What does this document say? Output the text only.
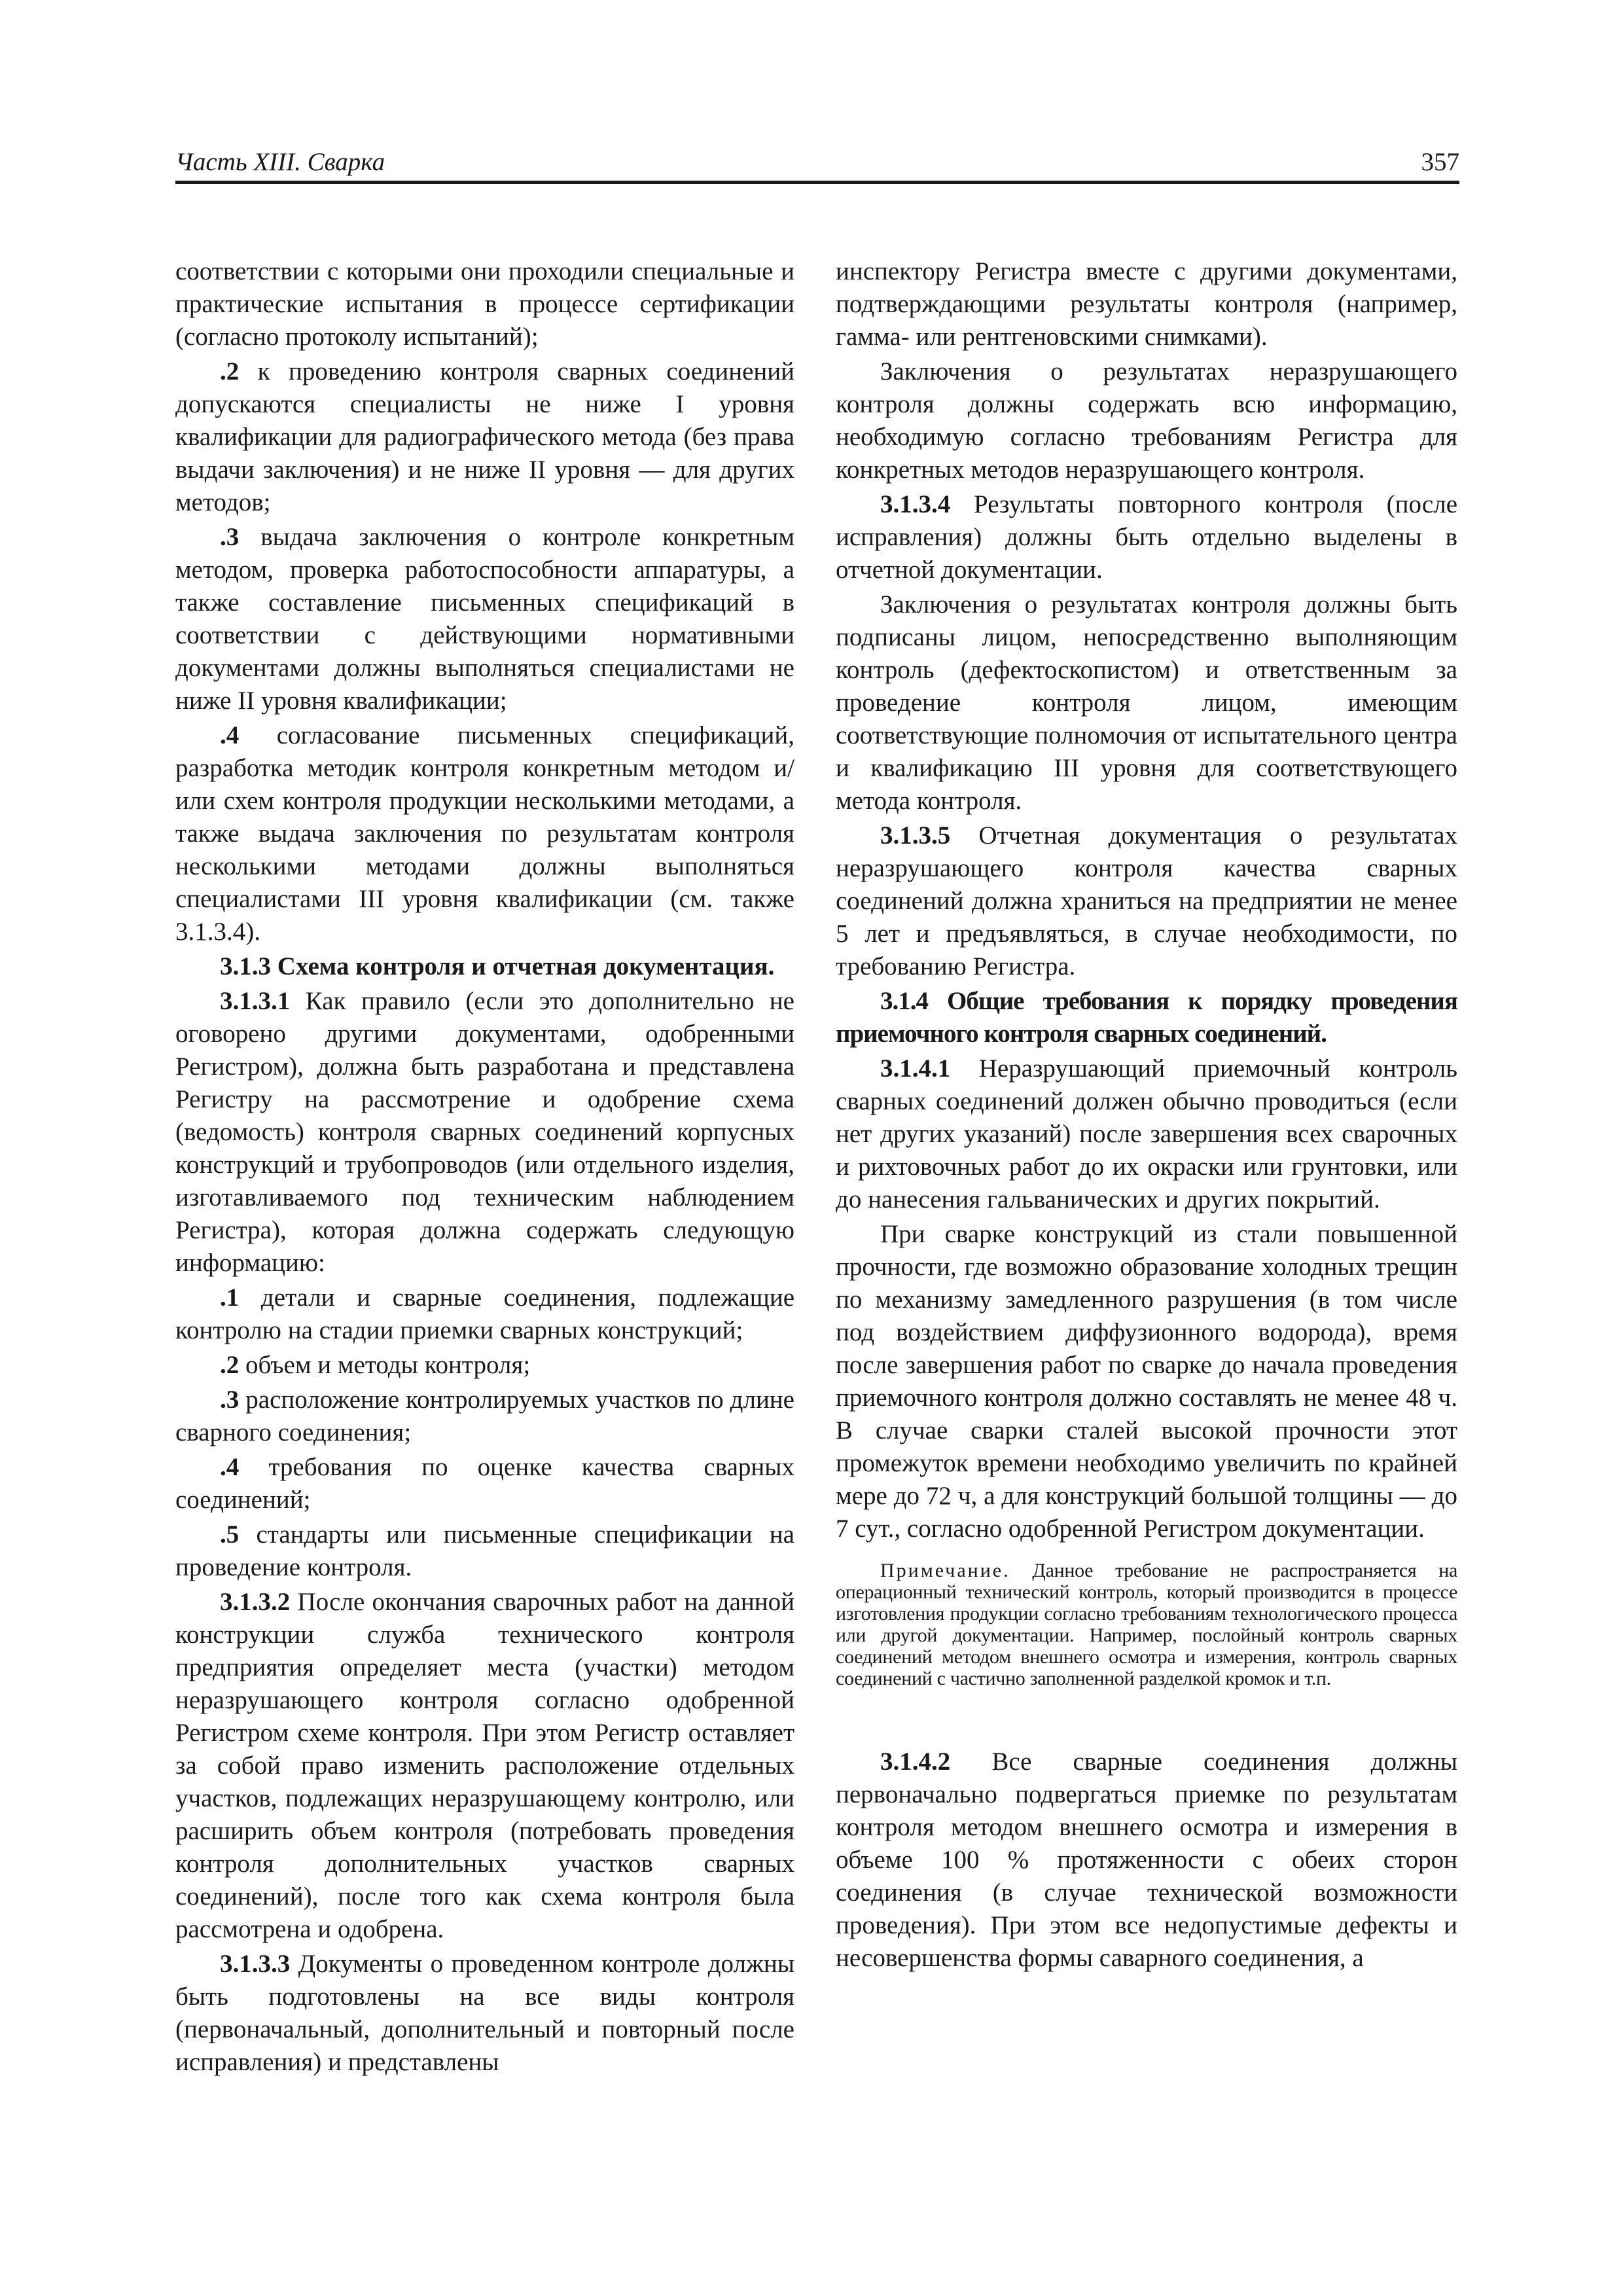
Часть XIII. Сварка	357

соответствии с которыми они проходили специальные и практические испытания в процессе сертификации (согласно протоколу испытаний);

.2 к проведению контроля сварных соединений допускаются специалисты не ниже I уровня квалификации для радиографического метода (без права выдачи заключения) и не ниже II уровня — для других методов;

.3 выдача заключения о контроле конкретным методом, проверка работоспособности аппаратуры, а также составление письменных спецификаций в соответствии с действующими нормативными документами должны выполняться специалистами не ниже II уровня квалификации;

.4 согласование письменных спецификаций, разработка методик контроля конкретным методом и/или схем контроля продукции несколькими методами, а также выдача заключения по результатам контроля несколькими методами должны выполняться специалистами III уровня квалификации (см. также 3.1.3.4).

3.1.3 Схема контроля и отчетная документация.

3.1.3.1 Как правило (если это дополнительно не оговорено другими документами, одобренными Регистром), должна быть разработана и представлена Регистру на рассмотрение и одобрение схема (ведомость) контроля сварных соединений корпусных конструкций и трубопроводов (или отдельного изделия, изготавливаемого под техническим наблюдением Регистра), которая должна содержать следующую информацию:

.1 детали и сварные соединения, подлежащие контролю на стадии приемки сварных конструкций;

.2 объем и методы контроля;

.3 расположение контролируемых участков по длине сварного соединения;

.4 требования по оценке качества сварных соединений;

.5 стандарты или письменные спецификации на проведение контроля.

3.1.3.2 После окончания сварочных работ на данной конструкции служба технического контроля предприятия определяет места (участки) методом неразрушающего контроля согласно одобренной Регистром схеме контроля. При этом Регистр оставляет за собой право изменить расположение отдельных участков, подлежащих неразрушающему контролю, или расширить объем контроля (потребовать проведения контроля дополнительных участков сварных соединений), после того как схема контроля была рассмотрена и одобрена.

3.1.3.3 Документы о проведенном контроле должны быть подготовлены на все виды контроля (первоначальный, дополнительный и повторный после исправления) и представлены

инспектору Регистра вместе с другими документами, подтверждающими результаты контроля (например, гамма- или рентгеновскими снимками).

Заключения о результатах неразрушающего контроля должны содержать всю информацию, необходимую согласно требованиям Регистра для конкретных методов неразрушающего контроля.

3.1.3.4 Результаты повторного контроля (после исправления) должны быть отдельно выделены в отчетной документации.

Заключения о результатах контроля должны быть подписаны лицом, непосредственно выполняющим контроль (дефектоскопистом) и ответственным за проведение контроля лицом, имеющим соответствующие полномочия от испытательного центра и квалификацию III уровня для соответствующего метода контроля.

3.1.3.5 Отчетная документация о результатах неразрушающего контроля качества сварных соединений должна храниться на предприятии не менее 5 лет и предъявляться, в случае необходимости, по требованию Регистра.

3.1.4 Общие требования к порядку проведения приемочного контроля сварных соединений.

3.1.4.1 Неразрушающий приемочный контроль сварных соединений должен обычно проводиться (если нет других указаний) после завершения всех сварочных и рихтовочных работ до их окраски или грунтовки, или до нанесения гальванических и других покрытий.

При сварке конструкций из стали повышенной прочности, где возможно образование холодных трещин по механизму замедленного разрушения (в том числе под воздействием диффузионного водорода), время после завершения работ по сварке до начала проведения приемочного контроля должно составлять не менее 48 ч. В случае сварки сталей высокой прочности этот промежуток времени необходимо увеличить по крайней мере до 72 ч, а для конструкций большой толщины — до 7 сут., согласно одобренной Регистром документации.

Примечание. Данное требование не распространяется на операционный технический контроль, который производится в процессе изготовления продукции согласно требованиям технологического процесса или другой документации. Например, послойный контроль сварных соединений методом внешнего осмотра и измерения, контроль сварных соединений с частично заполненной разделкой кромок и т.п.

3.1.4.2 Все сварные соединения должны первоначально подвергаться приемке по результатам контроля методом внешнего осмотра и измерения в объеме 100 % протяженности с обеих сторон соединения (в случае технической возможности проведения). При этом все недопустимые дефекты и несовершенства формы саварного соединения, а
